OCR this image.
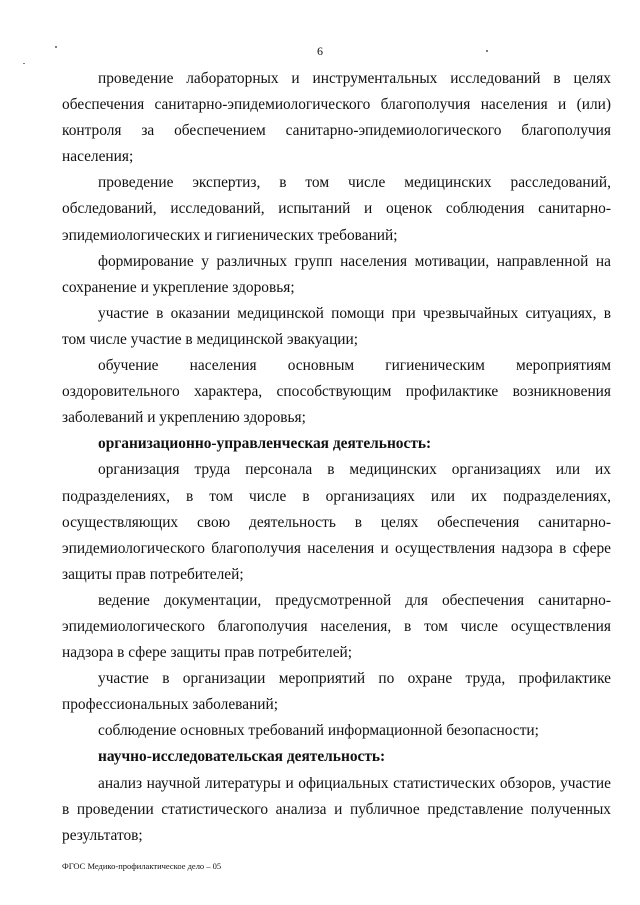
6

проведение лабораторных и инструментальных исследований в целях обеспечения санитарно-эпидемиологического благополучия населения и (или) контроля за обеспечением санитарно-эпидемиологического благополучия населения;

проведение экспертиз, в том числе медицинских расследований, обследований, исследований, испытаний и оценок соблюдения санитарно-эпидемиологических и гигиенических требований;

формирование у различных групп населения мотивации, направленной на сохранение и укрепление здоровья;

участие в оказании медицинской помощи при чрезвычайных ситуациях, в том числе участие в медицинской эвакуации;

обучение населения основным гигиеническим мероприятиям оздоровительного характера, способствующим профилактике возникновения заболеваний и укреплению здоровья;

организационно-управленческая деятельность:

организация труда персонала в медицинских организациях или их подразделениях, в том числе в организациях или их подразделениях, осуществляющих свою деятельность в целях обеспечения санитарно-эпидемиологического благополучия населения и осуществления надзора в сфере защиты прав потребителей;

ведение документации, предусмотренной для обеспечения санитарно-эпидемиологического благополучия населения, в том числе осуществления надзора в сфере защиты прав потребителей;

участие в организации мероприятий по охране труда, профилактике профессиональных заболеваний;

соблюдение основных требований информационной безопасности;

научно-исследовательская деятельность:

анализ научной литературы и официальных статистических обзоров, участие в проведении статистического анализа и публичное представление полученных результатов;

ФГОС Медико-профилактическое дело – 05
